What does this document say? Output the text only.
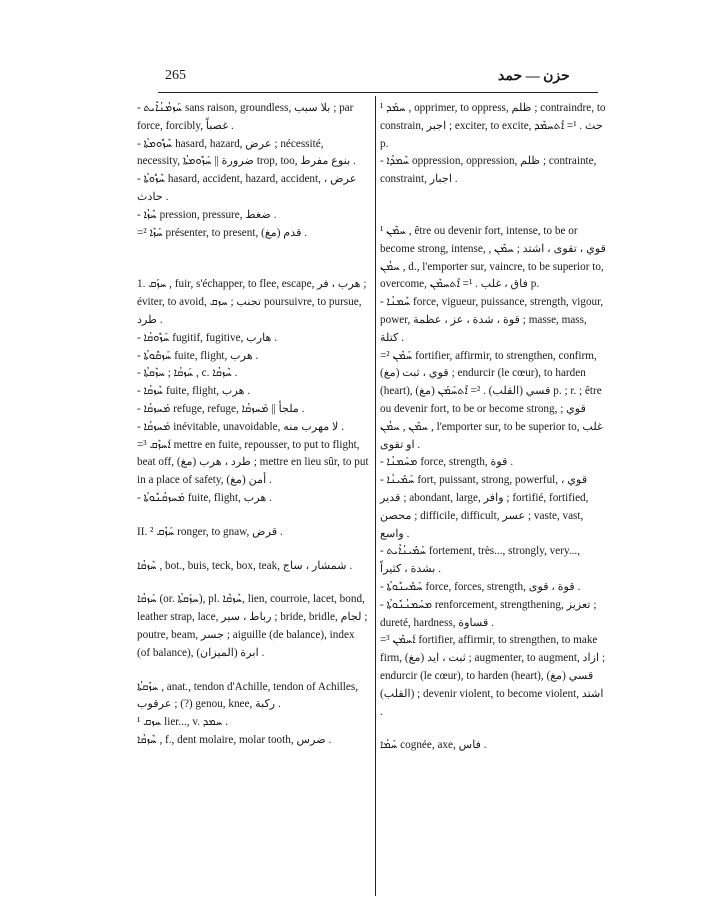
265	حزن — حمد

- ܚܰܙܡܳܢܳܐܺܝܬ sans raison, groundless, بلا سبب ; par force, forcibly, غصباً .

- ܚܶܙܽܘܡܬܳܐ hasard, hazard, عرض ; nécessité, necessity, ضرورة || ܚܰܙܽܘܡܬܳܐ trop, too, بنوع مفرط .

- ܚܶܙܽܘܬܳܐ hasard, accident, hazard, accident, عرض ، حادث .

- ܚܶܙܳܐ pression, pressure, ضغط .

=² ܚܰܙܶܐ présenter, to present, (مغ) قدم .

1. ܚܙܰܩ , fuir, s'échapper, to flee, escape, هرب ، فر ; éviter, to avoid, تجنب ; ܚܙܩ poursuivre, to pursue, طرد .

- ܚܰܙܽܘܩܳܐ fugitif, fugitive, هارب .

- ܚܰܙܩܽܘܬܳܐ fuite, flight, هرب .

- ܚܰܙܩܳܐ ; ܚܙܶܩܬܳܐ , c. ܚܶܙܩܳܐ .

- ܚܶܙܩܳܐ fuite, flight, هرب .

- ܡܰܚܙܩܳܐ refuge, refuge, ملجأ || ܡܰܚܙܩܳܐ .

- ܡܰܚܙܩܳܐ inévitable, unavoidable, لا مهرب منه .

=³ ܐܰܚܙܶܩ mettre en fuite, repousser, to put to flight, beat off, (مغ) طرد ، هرب ; mettre en lieu sûr, to put in a place of safety, (مغ) أمن .

- ܡܰܚܙܩܳܢܽܘܬܳܐ fuite, flight, هرب .

II. ² ܚܰܙܶܩ ronger, to gnaw, قرض .

ܚܶܙܩܳܐ , bot., buis, teck, box, teak, شمشار ، ساج .

ܚܰܙܩܳܐ (or. ܚܙܰܩܬܳܐ), pl. ܚܶܙܩܶܐ, lien, courroie, lacet, bond, leather strap, lace, رباط ، سير ; bride, bridle, لجام ; poutre, beam, جسر ; aiguille (de balance), index (of balance), ابرة (الميزان) .

ܚܙܶܩܬܳܐ , anat., tendon d'Achille, tendon of Achilles, عرقوب ; (?) genou, knee, ركبة .

ܚܙܩ ¹ lier..., v. ܚܡܕ .

ܚܶܙܩܳܐ , f., dent molaire, molar tooth, ضرس .

¹ ܚܡܰܕ , opprimer, to oppress, ظلم ; contraindre, to constrain, اجبر ; exciter, to excite, حث . ¹= ܐܶܬܚܡܶܕ p.

- ܚܶܡܕܳܐ oppression, oppression, ظلم ; contrainte, constraint, اجبار .

¹ ܚܡܶܢ , être ou devenir fort, intense, to be or become strong, intense, قوي ، تقوى ، اشتد ; ܚܡܶܢ , ܚܡܳܢ , d., l'emporter sur, vaincre, to be superior to, overcome, فاق ، غلب . ¹= ܐܶܬܚܡܶܢ p.

- ܚܶܡܢܳܐ force, vigueur, puissance, strength, vigour, power, قوة ، شدة ، عز ، عظمة ; masse, mass, كتلة .

=² ܚܰܡܶܢ fortifier, affirmir, to strengthen, confirm, (مغ) قوي ، ثبت ; endurcir (le cœur), to harden (heart), (مغ) قسي (القلب) . ²= ܐܶܬܚܰܡܰܢ p. ; r. ; être ou devenir fort, to be or become strong, قوي ; ܚܡܶܢ , ܚܡܳܢ , l'emporter sur, to be superior to, غلب او تقوى .

- ܡܚܰܡܢܳܐ force, strength, قوة .

- ܚܰܡܺܝܢܳܐ fort, puissant, strong, powerful, قوي ، قدير ; abondant, large, وافر ; fortifié, fortified, محصن ; difficile, difficult, عسر ; vaste, vast, واسع .

- ܚܰܡܺܝܢܳܐܺܝܬ fortement, très..., strongly, very..., بشدة ، كثيراً .

- ܚܰܡܺܝܢܽܘܬܳܐ force, forces, strength, قوة ، قوى .

- ܡܚܰܡܢܳܢܽܘܬܳܐ renforcement, strengthening, تعزيز ; dureté, hardness, قساوة .

=³ ܐܰܚܡܶܢ fortifier, affirmir, to strengthen, to make firm, (مغ) ثبت ، ايد ; augmenter, to augment, ازاد ; endurcir (le cœur), to harden (heart), (مغ) قسي (القلب) ; devenir violent, to become violent, اشتد .

ܚܰܡܳܐ cognée, axe, فاس .
